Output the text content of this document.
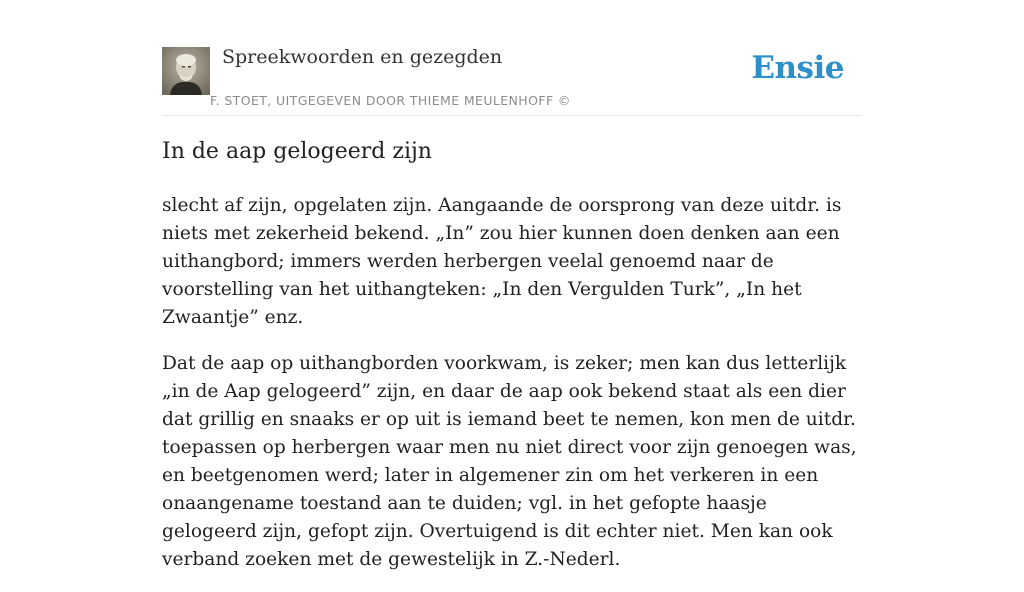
Spreekwoorden en gezegden
F. STOET, UITGEGEVEN DOOR THIEME MEULENHOFF ©
Ensie
In de aap gelogeerd zijn

slecht af zijn, opgelaten zijn. Aangaande de oorsprong van deze uitdr. is niets met zekerheid bekend. „In” zou hier kunnen doen denken aan een uithangbord; immers werden herbergen veelal genoemd naar de voorstelling van het uithangteken: „In den Vergulden Turk”, „In het Zwaantje” enz.

Dat de aap op uithangborden voorkwam, is zeker; men kan dus letterlijk „in de Aap gelogeerd” zijn, en daar de aap ook bekend staat als een dier dat grillig en snaaks er op uit is iemand beet te nemen, kon men de uitdr. toepassen op herbergen waar men nu niet direct voor zijn genoegen was, en beetgenomen werd; later in algemener zin om het verkeren in een onaangename toestand aan te duiden; vgl. in het gefopte haasje gelogeerd zijn, gefopt zijn. Overtuigend is dit echter niet. Men kan ook verband zoeken met de gewestelijk in Z.-Nederl.
